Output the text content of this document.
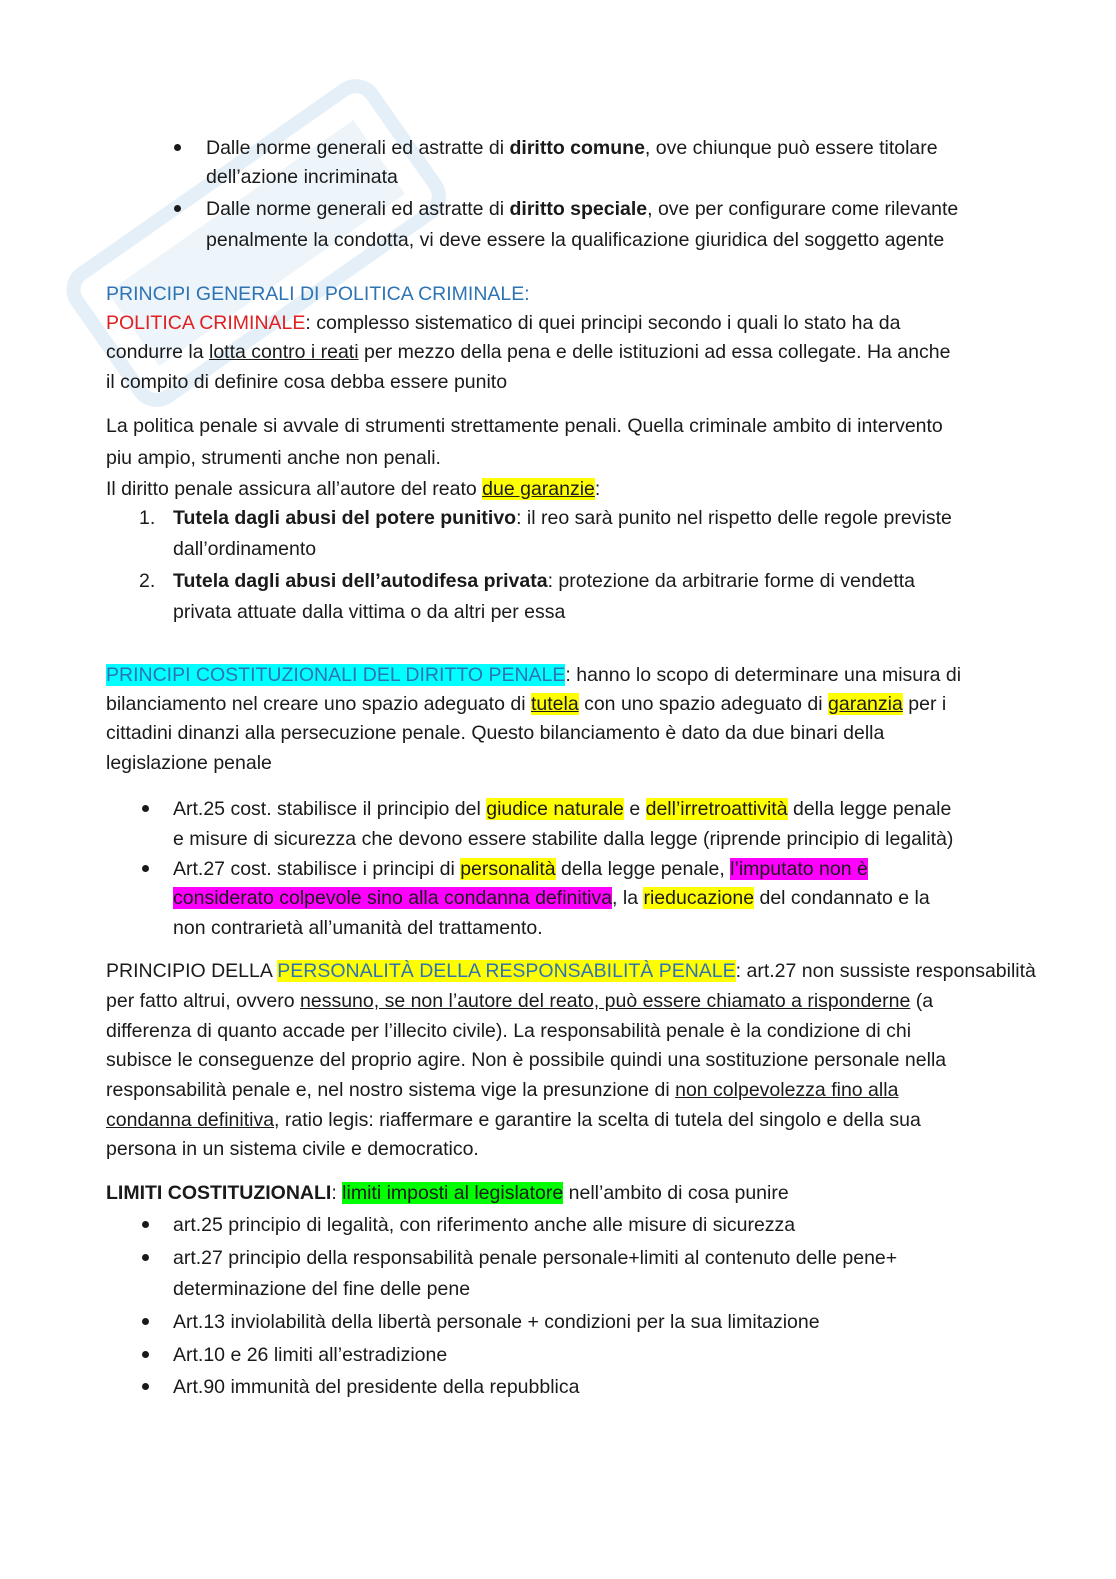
Dalle norme generali ed astratte di diritto comune, ove chiunque può essere titolare
dell’azione incriminata
Dalle norme generali ed astratte di diritto speciale, ove per configurare come rilevante
penalmente la condotta, vi deve essere la qualificazione giuridica del soggetto agente
PRINCIPI GENERALI DI POLITICA CRIMINALE:
POLITICA CRIMINALE: complesso sistematico di quei principi secondo i quali lo stato ha da
condurre la lotta contro i reati per mezzo della pena e delle istituzioni ad essa collegate. Ha anche
il compito di definire cosa debba essere punito
La politica penale si avvale di strumenti strettamente penali. Quella criminale ambito di intervento
piu ampio, strumenti anche non penali.
Il diritto penale assicura all’autore del reato due garanzie:
1. Tutela dagli abusi del potere punitivo: il reo sarà punito nel rispetto delle regole previste
dall’ordinamento
2. Tutela dagli abusi dell’autodifesa privata: protezione da arbitrarie forme di vendetta
privata attuate dalla vittima o da altri per essa
PRINCIPI COSTITUZIONALI DEL DIRITTO PENALE: hanno lo scopo di determinare una misura di
bilanciamento nel creare uno spazio adeguato di tutela con uno spazio adeguato di garanzia per i
cittadini dinanzi alla persecuzione penale. Questo bilanciamento è dato da due binari della
legislazione penale
Art.25 cost. stabilisce il principio del giudice naturale e dell’irretroattività della legge penale
e misure di sicurezza che devono essere stabilite dalla legge (riprende principio di legalità)
Art.27 cost. stabilisce i principi di personalità della legge penale, l’imputato non è
considerato colpevole sino alla condanna definitiva, la rieducazione del condannato e la
non contrarietà all’umanità del trattamento.
PRINCIPIO DELLA PERSONALITÀ DELLA RESPONSABILITÀ PENALE: art.27 non sussiste responsabilità
per fatto altrui, ovvero nessuno, se non l’autore del reato, può essere chiamato a risponderne (a
differenza di quanto accade per l’illecito civile). La responsabilità penale è la condizione di chi
subisce le conseguenze del proprio agire. Non è possibile quindi una sostituzione personale nella
responsabilità penale e, nel nostro sistema vige la presunzione di non colpevolezza fino alla
condanna definitiva, ratio legis: riaffermare e garantire la scelta di tutela del singolo e della sua
persona in un sistema civile e democratico.
LIMITI COSTITUZIONALI: limiti imposti al legislatore nell’ambito di cosa punire
art.25 principio di legalità, con riferimento anche alle misure di sicurezza
art.27 principio della responsabilità penale personale+limiti al contenuto delle pene+
determinazione del fine delle pene
Art.13 inviolabilità della libertà personale + condizioni per la sua limitazione
Art.10 e 26 limiti all’estradizione
Art.90 immunità del presidente della repubblica
